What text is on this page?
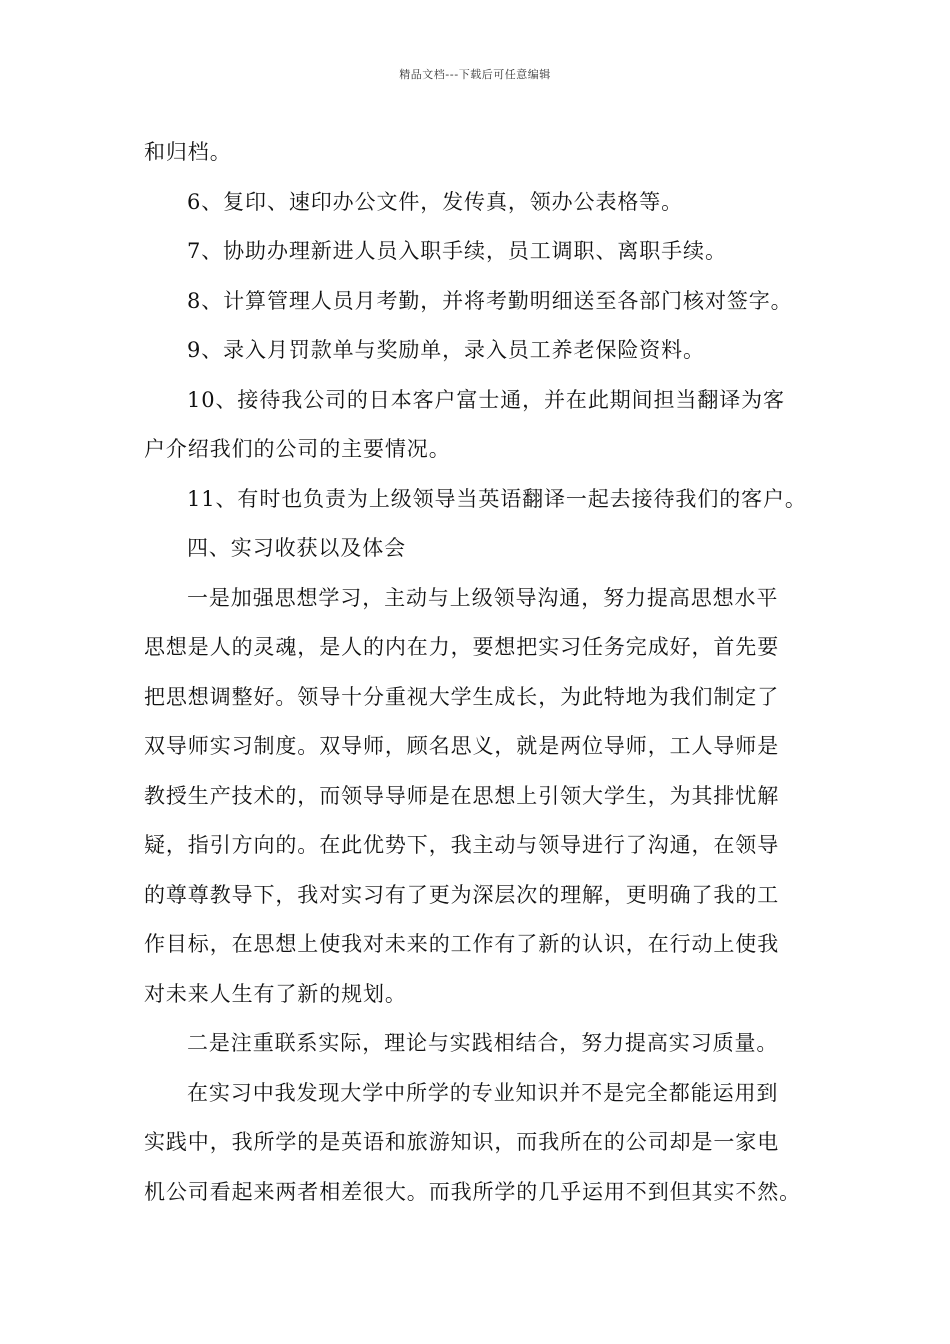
精品文档---下载后可任意编辑
和归档。
6、复印、速印办公文件，发传真，领办公表格等。
7、协助办理新进人员入职手续，员工调职、离职手续。
8、计算管理人员月考勤，并将考勤明细送至各部门核对签字。
9、录入月罚款单与奖励单，录入员工养老保险资料。
10、接待我公司的日本客户富士通，并在此期间担当翻译为客
户介绍我们的公司的主要情况。
11、有时也负责为上级领导当英语翻译一起去接待我们的客户。
四、实习收获以及体会
一是加强思想学习，主动与上级领导沟通，努力提高思想水平
思想是人的灵魂，是人的内在力，要想把实习任务完成好，首先要
把思想调整好。领导十分重视大学生成长，为此特地为我们制定了
双导师实习制度。双导师，顾名思义，就是两位导师，工人导师是
教授生产技术的，而领导导师是在思想上引领大学生，为其排忧解
疑，指引方向的。在此优势下，我主动与领导进行了沟通，在领导
的尊尊教导下，我对实习有了更为深层次的理解，更明确了我的工
作目标，在思想上使我对未来的工作有了新的认识，在行动上使我
对未来人生有了新的规划。
二是注重联系实际，理论与实践相结合，努力提高实习质量。
在实习中我发现大学中所学的专业知识并不是完全都能运用到
实践中，我所学的是英语和旅游知识，而我所在的公司却是一家电
机公司看起来两者相差很大。而我所学的几乎运用不到但其实不然。
